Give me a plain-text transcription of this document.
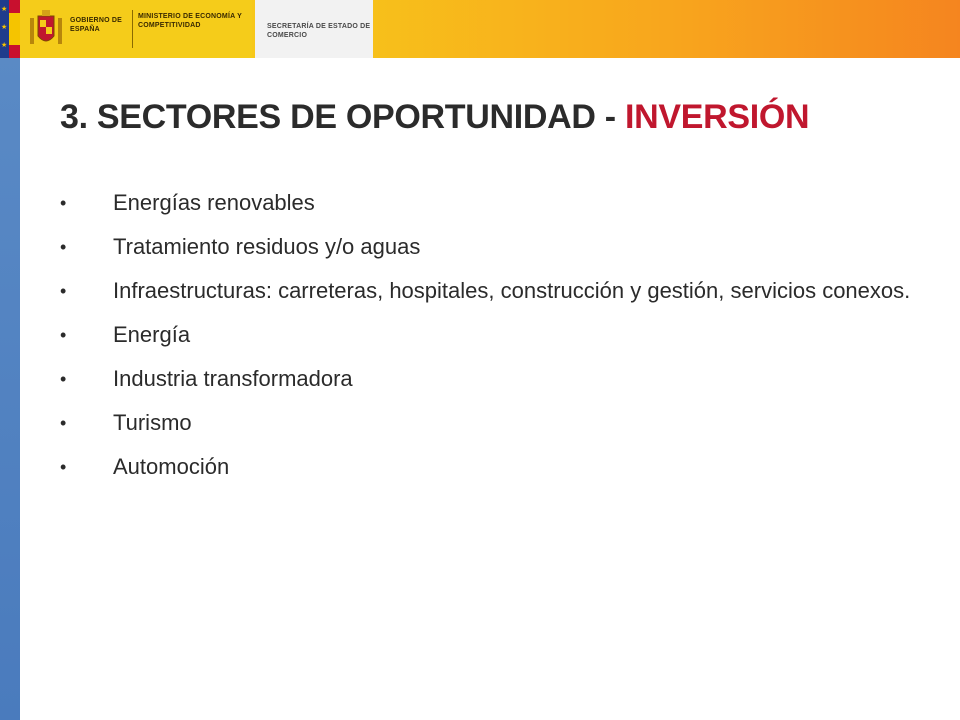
★
★
★
GOBIERNO DE ESPAÑA
MINISTERIO DE ECONOMÍA Y COMPETITIVIDAD	SECRETARÍA DE ESTADO DE COMERCIO
3. SECTORES DE OPORTUNIDAD - INVERSIÓN
• Energías renovables
• Tratamiento residuos y/o aguas
• Infraestructuras: carreteras, hospitales, construcción y gestión, servicios conexos.
• Energía
• Industria transformadora
• Turismo
• Automoción
